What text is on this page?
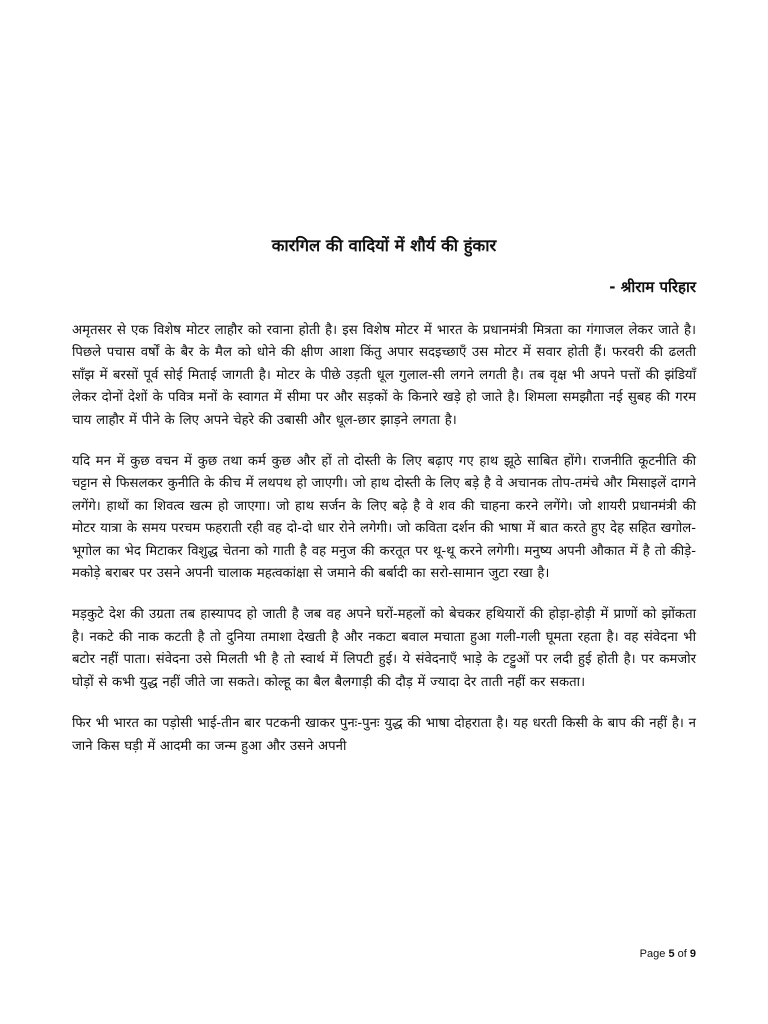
कारगिल की वादियों में शौर्य की हुंकार

- श्रीराम परिहार

अमृतसर से एक विशेष मोटर लाहौर को रवाना होती है। इस विशेष मोटर में भारत के प्रधानमंत्री मित्रता का गंगाजल लेकर जाते है। पिछले पचास वर्षों के बैर के मैल को धोने की क्षीण आशा किंतु अपार सदइच्छाएँ उस मोटर में सवार होती हैं। फरवरी की ढलती साँझ में बरसों पूर्व सोई मिताई जागती है। मोटर के पीछे उड़ती धूल गुलाल-सी लगने लगती है। तब वृक्ष भी अपने पत्तों की झंडियाँ लेकर दोनों देशों के पवित्र मनों के स्वागत में सीमा पर और सड़कों के किनारे खड़े हो जाते है। शिमला समझौता नई सुबह की गरम चाय लाहौर में पीने के लिए अपने चेहरे की उबासी और धूल-छार झाड़ने लगता है।

यदि मन में कुछ वचन में कुछ तथा कर्म कुछ और हों तो दोस्ती के लिए बढ़ाए गए हाथ झूठे साबित होंगे। राजनीति कूटनीति की चट्टान से फिसलकर कुनीति के कीच में लथपथ हो जाएगी। जो हाथ दोस्ती के लिए बड़े है वे अचानक तोप-तमंचे और मिसाइलें दागने लगेंगे। हाथों का शिवत्व खत्म हो जाएगा। जो हाथ सर्जन के लिए बढ़े है वे शव की चाहना करने लगेंगे। जो शायरी प्रधानमंत्री की मोटर यात्रा के समय परचम फहराती रही वह दो-दो धार रोने लगेगी। जो कविता दर्शन की भाषा में बात करते हुए देह सहित खगोल-भूगोल का भेद मिटाकर विशुद्ध चेतना को गाती है वह मनुज की करतूत पर थू-थू करने लगेगी। मनुष्य अपनी औकात में है तो कीड़े-मकोड़े बराबर पर उसने अपनी चालाक महत्वकांक्षा से जमाने की बर्बादी का सरो-सामान जुटा रखा है।

मड़कुटे देश की उग्रता तब हास्यापद हो जाती है जब वह अपने घरों-महलों को बेचकर हथियारों की होड़ा-होड़ी में प्राणों को झोंकता है। नकटे की नाक कटती है तो दुनिया तमाशा देखती है और नकटा बवाल मचाता हुआ गली-गली घूमता रहता है। वह संवेदना भी बटोर नहीं पाता। संवेदना उसे मिलती भी है तो स्वार्थ में लिपटी हुई। ये संवेदनाएँ भाड़े के टट्टुओं पर लदी हुई होती है। पर कमजोर घोड़ों से कभी युद्ध नहीं जीते जा सकते। कोल्हू का बैल बैलगाड़ी की दौड़ में ज्यादा देर ताती नहीं कर सकता।

फिर भी भारत का पड़ोसी भाई-तीन बार पटकनी खाकर पुनः-पुनः युद्ध की भाषा दोहराता है। यह धरती किसी के बाप की नहीं है। न जाने किस घड़ी में आदमी का जन्म हुआ और उसने अपनी

Page 5 of 9
